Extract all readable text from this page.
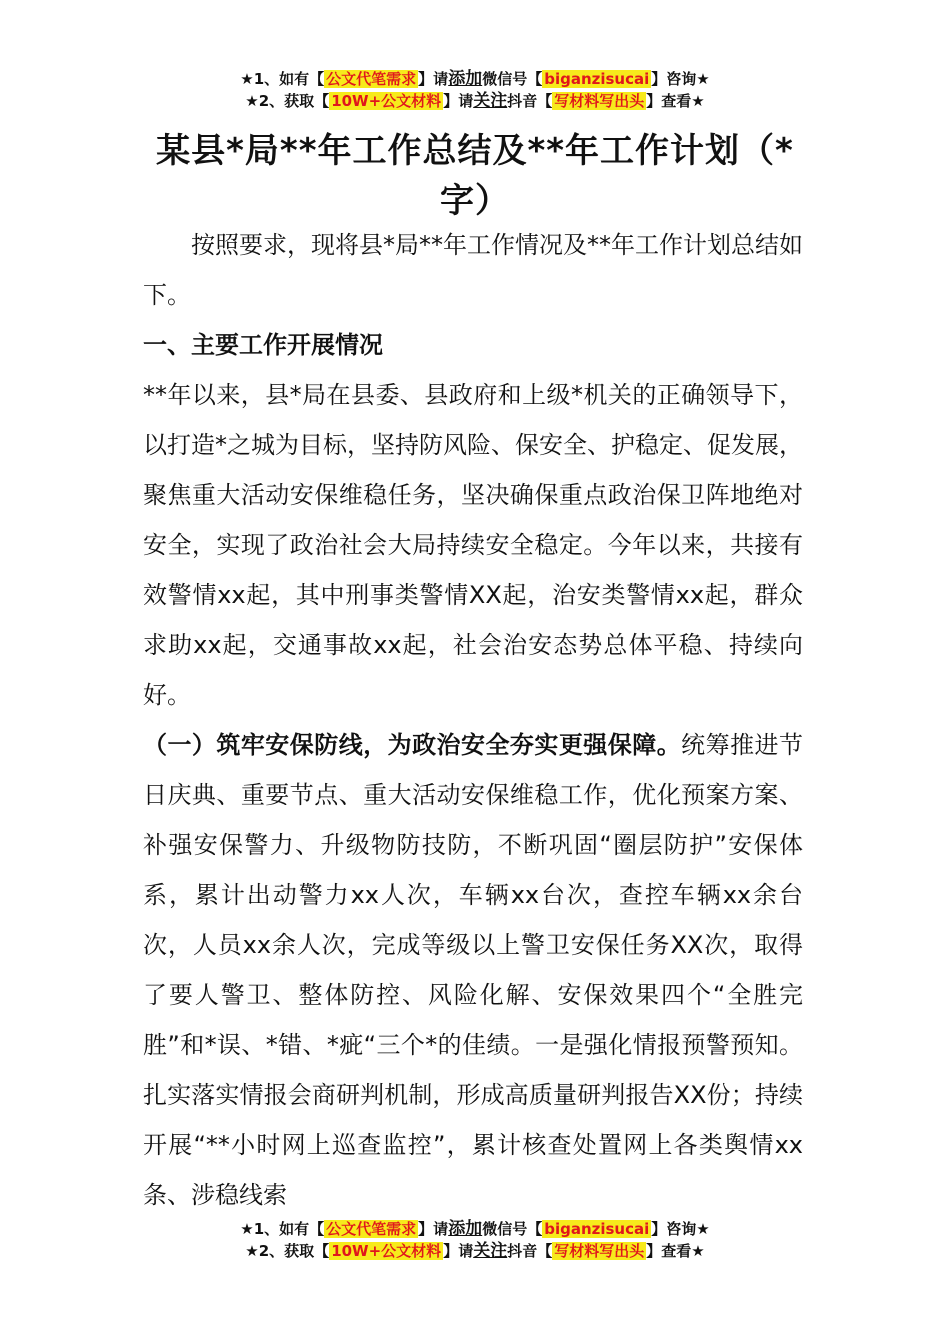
★1、如有【 公文代笔需求 】请添加微信号【 biganzisucai 】咨询★
★2、获取【 10W+公文材料 】请关注抖音【 写材料写出头 】查看★
某县*局**年工作总结及**年工作计划（*字）

按照要求，现将县*局**年工作情况及**年工作计划总结如下。

一、主要工作开展情况

**年以来，县*局在县委、县政府和上级*机关的正确领导下，以打造*之城为目标，坚持防风险、保安全、护稳定、促发展，聚焦重大活动安保维稳任务，坚决确保重点政治保卫阵地绝对安全，实现了政治社会大局持续安全稳定。今年以来，共接有效警情xx起，其中刑事类警情XX起，治安类警情xx起，群众求助xx起，交通事故xx起，社会治安态势总体平稳、持续向好。

（一）筑牢安保防线，为政治安全夯实更强保障。统筹推进节日庆典、重要节点、重大活动安保维稳工作，优化预案方案、补强安保警力、升级物防技防，不断巩固“圈层防护”安保体系，累计出动警力xx人次，车辆xx台次，查控车辆xx余台次，人员xx余人次，完成等级以上警卫安保任务XX次，取得了要人警卫、整体防控、风险化解、安保效果四个“全胜完胜”和*误、*错、*疵“三个*的佳绩。一是强化情报预警预知。扎实落实情报会商研判机制，形成高质量研判报告XX份；持续开展“**小时网上巡查监控”，累计核查处置网上各类舆情xx条、涉稳线索

★1、如有【 公文代笔需求 】请添加微信号【 biganzisucai 】咨询★
★2、获取【 10W+公文材料 】请关注抖音【 写材料写出头 】查看★
